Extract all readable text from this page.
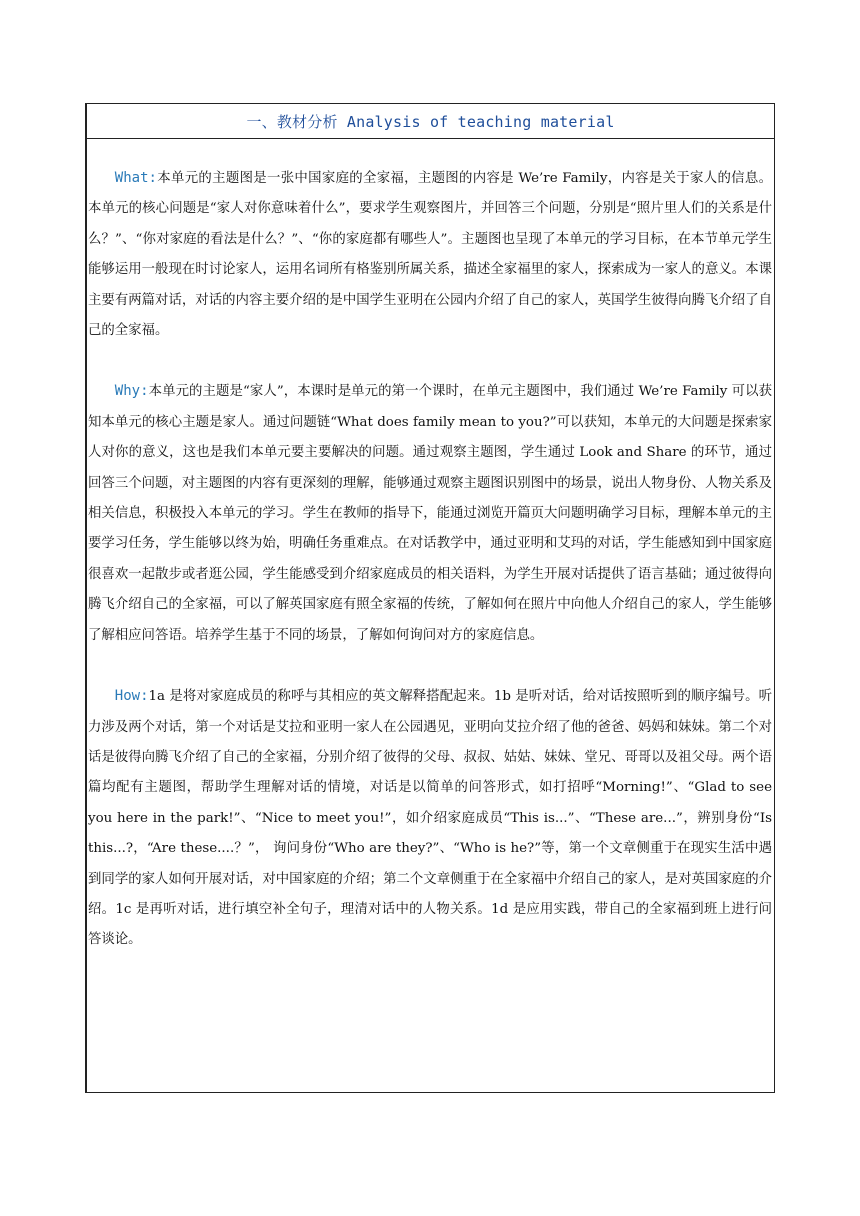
一、教材分析 Analysis of teaching material

What:本单元的主题图是一张中国家庭的全家福，主题图的内容是 We’re Family，内容是关于家人的信息。本单元的核心问题是“家人对你意味着什么”，要求学生观察图片，并回答三个问题，分别是“照片里人们的关系是什么？”、“你对家庭的看法是什么？”、“你的家庭都有哪些人”。主题图也呈现了本单元的学习目标，在本节单元学生能够运用一般现在时讨论家人，运用名词所有格鉴别所属关系，描述全家福里的家人，探索成为一家人的意义。本课主要有两篇对话，对话的内容主要介绍的是中国学生亚明在公园内介绍了自己的家人，英国学生彼得向腾飞介绍了自己的全家福。

Why:本单元的主题是“家人”，本课时是单元的第一个课时，在单元主题图中，我们通过 We’re Family 可以获知本单元的核心主题是家人。通过问题链“What does family mean to you?”可以获知，本单元的大问题是探索家人对你的意义，这也是我们本单元要主要解决的问题。通过观察主题图，学生通过 Look and Share 的环节，通过回答三个问题，对主题图的内容有更深刻的理解，能够通过观察主题图识别图中的场景，说出人物身份、人物关系及相关信息，积极投入本单元的学习。学生在教师的指导下，能通过浏览开篇页大问题明确学习目标，理解本单元的主要学习任务，学生能够以终为始，明确任务重难点。在对话教学中，通过亚明和艾玛的对话，学生能感知到中国家庭很喜欢一起散步或者逛公园，学生能感受到介绍家庭成员的相关语料，为学生开展对话提供了语言基础；通过彼得向腾飞介绍自己的全家福，可以了解英国家庭有照全家福的传统，了解如何在照片中向他人介绍自己的家人，学生能够了解相应问答语。培养学生基于不同的场景，了解如何询问对方的家庭信息。

How:1a 是将对家庭成员的称呼与其相应的英文解释搭配起来。1b 是听对话，给对话按照听到的顺序编号。听力涉及两个对话，第一个对话是艾拉和亚明一家人在公园遇见，亚明向艾拉介绍了他的爸爸、妈妈和妹妹。第二个对话是彼得向腾飞介绍了自己的全家福，分别介绍了彼得的父母、叔叔、姑姑、妹妹、堂兄、哥哥以及祖父母。两个语篇均配有主题图，帮助学生理解对话的情境，对话是以简单的问答形式，如打招呼“Morning!”、“Glad to see you here in the park!”、“Nice to meet you!”，如介绍家庭成员“This is...”、“These are...”，辨别身份“Is this...?，“Are these....？”， 询问身份“Who are they?”、“Who is he?”等，第一个文章侧重于在现实生活中遇到同学的家人如何开展对话，对中国家庭的介绍；第二个文章侧重于在全家福中介绍自己的家人，是对英国家庭的介绍。1c 是再听对话，进行填空补全句子，理清对话中的人物关系。1d 是应用实践，带自己的全家福到班上进行问答谈论。
